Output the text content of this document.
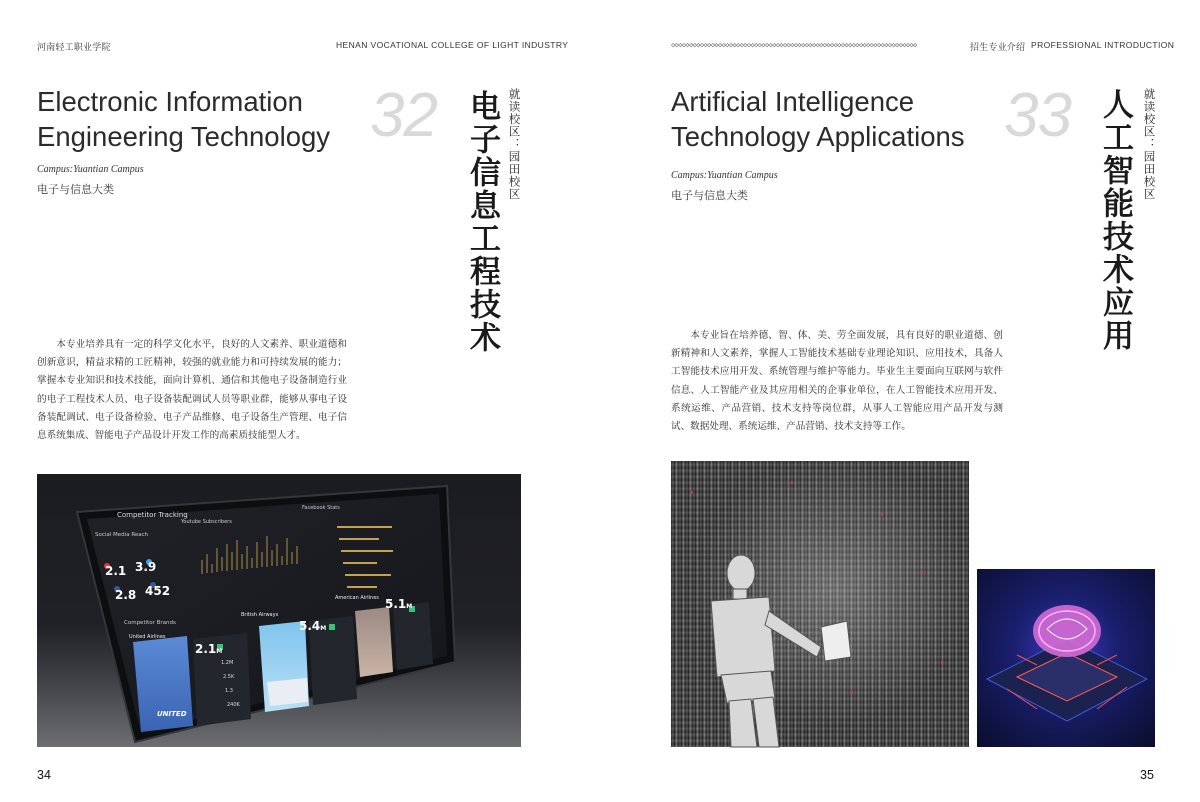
河南轻工职业学院	HENAN VOCATIONAL COLLEGE OF LIGHT INDUSTRY
32
Electronic Information
Engineering Technology
Campus:Yuantian Campus
电子与信息大类	电子信息工程技术 就读校区：园田校区
本专业培养具有一定的科学文化水平，良好的人文素养、职业道德和创新意识，精益求精的工匠精神，较强的就业能力和可持续发展的能力；掌握本专业知识和技术技能，面向计算机、通信和其他电子设备制造行业的电子工程技术人员、电子设备装配调试人员等职业群，能够从事电子设备装配调试、电子设备检验、电子产品维修、电子设备生产管理、电子信息系统集成、智能电子产品设计开发工作的高素质技能型人才。
Competitor Tracking
Social Media Reach
2.1 3.9
2.8 452
Youtube Subscribers
Facebook Stats
Competitor Brands
United Airlines
British Airways
American Airlines
2.1M
5.4M
5.1M
UNITED
1.2M
2.5K
1.3
240K
34
◇◇◇◇◇◇◇◇◇◇◇◇◇◇◇◇◇◇◇◇◇◇◇◇◇◇◇◇◇◇◇◇◇◇◇◇◇◇◇◇◇◇◇◇◇◇◇◇◇◇◇◇◇◇◇◇◇◇◇◇◇◇◇◇◇◇◇◇	招生专业介绍 PROFESSIONAL INTRODUCTION
33
Artificial Intelligence
Technology Applications
Campus:Yuantian Campus
电子与信息大类	人工智能技术应用 就读校区：园田校区
本专业旨在培养德、智、体、美、劳全面发展，具有良好的职业道德、创新精神和人文素养，掌握人工智能技术基础专业理论知识、应用技术，具备人工智能技术应用开发、系统管理与维护等能力。毕业生主要面向互联网与软件信息、人工智能产业及其应用相关的企事业单位，在人工智能技术应用开发、系统运维、产品营销、技术支持等岗位群，从事人工智能应用产品开发与测试、数据处理、系统运维、产品营销、技术支持等工作。
35
